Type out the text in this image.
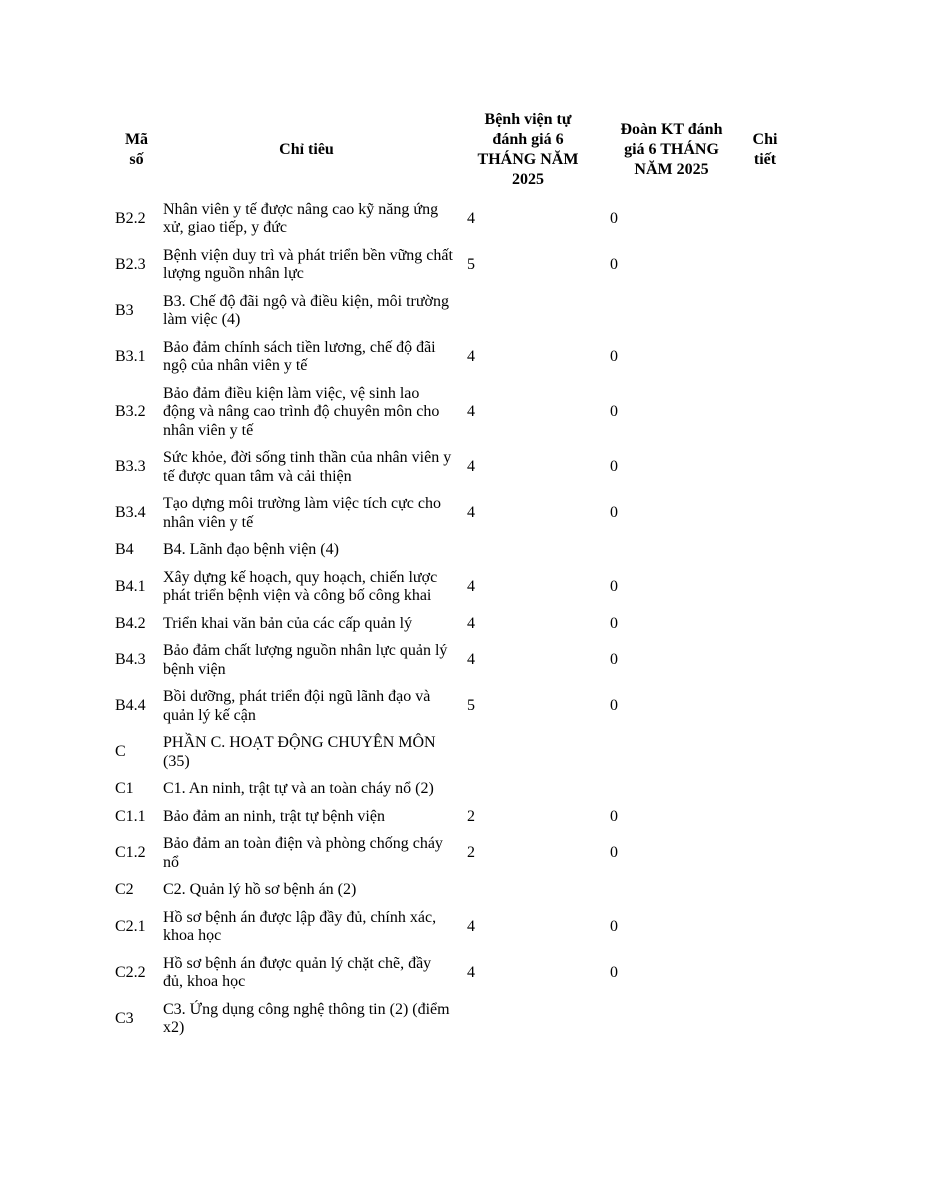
Mã số	Chỉ tiêu	Bệnh viện tự đánh giá 6 THÁNG NĂM 2025	Đoàn KT đánh giá 6 THÁNG NĂM 2025	Chi tiết
B2.2	Nhân viên y tế được nâng cao kỹ năng ứng xử, giao tiếp, y đức	4	0	
B2.3	Bệnh viện duy trì và phát triển bền vững chất lượng nguồn nhân lực	5	0	
B3	B3. Chế độ đãi ngộ và điều kiện, môi trường làm việc (4)			
B3.1	Bảo đảm chính sách tiền lương, chế độ đãi ngộ của nhân viên y tế	4	0	
B3.2	Bảo đảm điều kiện làm việc, vệ sinh lao động và nâng cao trình độ chuyên môn cho nhân viên y tế	4	0	
B3.3	Sức khỏe, đời sống tinh thần của nhân viên y tế được quan tâm và cải thiện	4	0	
B3.4	Tạo dựng môi trường làm việc tích cực cho nhân viên y tế	4	0	
B4	B4. Lãnh đạo bệnh viện (4)			
B4.1	Xây dựng kế hoạch, quy hoạch, chiến lược phát triển bệnh viện và công bố công khai	4	0	
B4.2	Triển khai văn bản của các cấp quản lý	4	0	
B4.3	Bảo đảm chất lượng nguồn nhân lực quản lý bệnh viện	4	0	
B4.4	Bồi dưỡng, phát triển đội ngũ lãnh đạo và quản lý kế cận	5	0	
C	PHẦN C. HOẠT ĐỘNG CHUYÊN MÔN (35)			
C1	C1. An ninh, trật tự và an toàn cháy nổ (2)			
C1.1	Bảo đảm an ninh, trật tự bệnh viện	2	0	
C1.2	Bảo đảm an toàn điện và phòng chống cháy nổ	2	0	
C2	C2. Quản lý hồ sơ bệnh án (2)			
C2.1	Hồ sơ bệnh án được lập đầy đủ, chính xác, khoa học	4	0	
C2.2	Hồ sơ bệnh án được quản lý chặt chẽ, đầy đủ, khoa học	4	0	
C3	C3. Ứng dụng công nghệ thông tin (2) (điểm x2)			
